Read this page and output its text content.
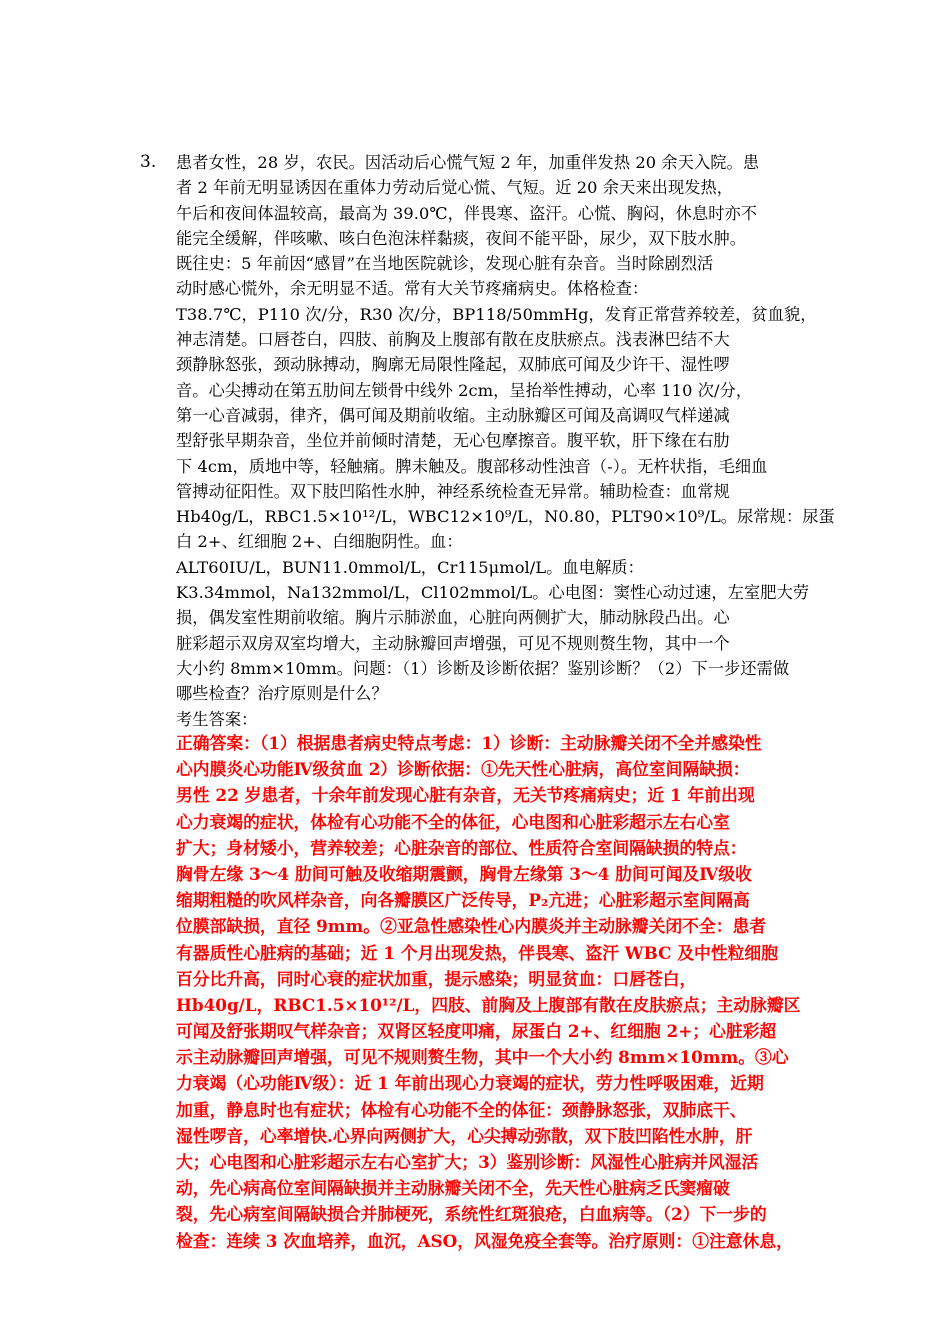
3. 患者女性，28 岁，农民。因活动后心慌气短 2 年，加重伴发热 20 余天入院。患
者 2 年前无明显诱因在重体力劳动后觉心慌、气短。近 20 余天来出现发热，
午后和夜间体温较高，最高为 39.0℃，伴畏寒、盗汗。心慌、胸闷，休息时亦不
能完全缓解，伴咳嗽、咳白色泡沫样黏痰，夜间不能平卧，尿少，双下肢水肿。
既往史：5 年前因“感冒”在当地医院就诊，发现心脏有杂音。当时除剧烈活
动时感心慌外，余无明显不适。常有大关节疼痛病史。体格检查：
T38.7℃，P110 次/分，R30 次/分，BP118/50mmHg，发育正常营养较差，贫血貌，
神志清楚。口唇苍白，四肢、前胸及上腹部有散在皮肤瘀点。浅表淋巴结不大
颈静脉怒张，颈动脉搏动，胸廓无局限性隆起，双肺底可闻及少许干、湿性啰
音。心尖搏动在第五肋间左锁骨中线外 2cm，呈抬举性搏动，心率 110 次/分，
第一心音减弱，律齐，偶可闻及期前收缩。主动脉瓣区可闻及高调叹气样递减
型舒张早期杂音，坐位并前倾时清楚，无心包摩擦音。腹平软，肝下缘在右肋
下 4cm，质地中等，轻触痛。脾未触及。腹部移动性浊音（-）。无杵状指，毛细血
管搏动征阳性。双下肢凹陷性水肿，神经系统检查无异常。辅助检查：血常规
Hb40g/L，RBC1.5×10¹²/L，WBC12×10⁹/L，N0.80，PLT90×10⁹/L。尿常规：尿蛋
白 2+、红细胞 2+、白细胞阴性。血：
ALT60IU/L，BUN11.0mmol/L，Cr115μmol/L。血电解质：
K3.34mmol，Na132mmol/L，Cl102mmol/L。心电图：窦性心动过速，左室肥大劳
损，偶发室性期前收缩。胸片示肺淤血，心脏向两侧扩大，肺动脉段凸出。心
脏彩超示双房双室均增大，主动脉瓣回声增强，可见不规则赘生物，其中一个
大小约 8mm×10mm。问题：（1）诊断及诊断依据？鉴别诊断？（2）下一步还需做
哪些检查？治疗原则是什么？
考生答案：
正确答案：（1）根据患者病史特点考虑：1）诊断：主动脉瓣关闭不全并感染性
心内膜炎心功能Ⅳ级贫血 2）诊断依据：①先天性心脏病，高位室间隔缺损：
男性 22 岁患者，十余年前发现心脏有杂音，无关节疼痛病史；近 1 年前出现
心力衰竭的症状，体检有心功能不全的体征，心电图和心脏彩超示左右心室
扩大；身材矮小，营养较差；心脏杂音的部位、性质符合室间隔缺损的特点：
胸骨左缘 3～4 肋间可触及收缩期震颤，胸骨左缘第 3～4 肋间可闻及Ⅳ级收
缩期粗糙的吹风样杂音，向各瓣膜区广泛传导，P₂亢进；心脏彩超示室间隔高
位膜部缺损，直径 9mm。②亚急性感染性心内膜炎并主动脉瓣关闭不全：患者
有器质性心脏病的基础；近 1 个月出现发热，伴畏寒、盗汗 WBC 及中性粒细胞
百分比升高，同时心衰的症状加重，提示感染；明显贫血：口唇苍白，
Hb40g/L，RBC1.5×10¹²/L，四肢、前胸及上腹部有散在皮肤瘀点；主动脉瓣区
可闻及舒张期叹气样杂音；双肾区轻度叩痛，尿蛋白 2+、红细胞 2+；心脏彩超
示主动脉瓣回声增强，可见不规则赘生物，其中一个大小约 8mm×10mm。③心
力衰竭（心功能Ⅳ级）：近 1 年前出现心力衰竭的症状，劳力性呼吸困难，近期
加重，静息时也有症状；体检有心功能不全的体征：颈静脉怒张，双肺底干、
湿性啰音，心率增快.心界向两侧扩大，心尖搏动弥散，双下肢凹陷性水肿，肝
大；心电图和心脏彩超示左右心室扩大；3）鉴别诊断：风湿性心脏病并风湿活
动，先心病高位室间隔缺损并主动脉瓣关闭不全，先天性心脏病乏氏窦瘤破
裂，先心病室间隔缺损合并肺梗死，系统性红斑狼疮，白血病等。（2）下一步的
检查：连续 3 次血培养，血沉，ASO，风湿免疫全套等。治疗原则：①注意休息，
